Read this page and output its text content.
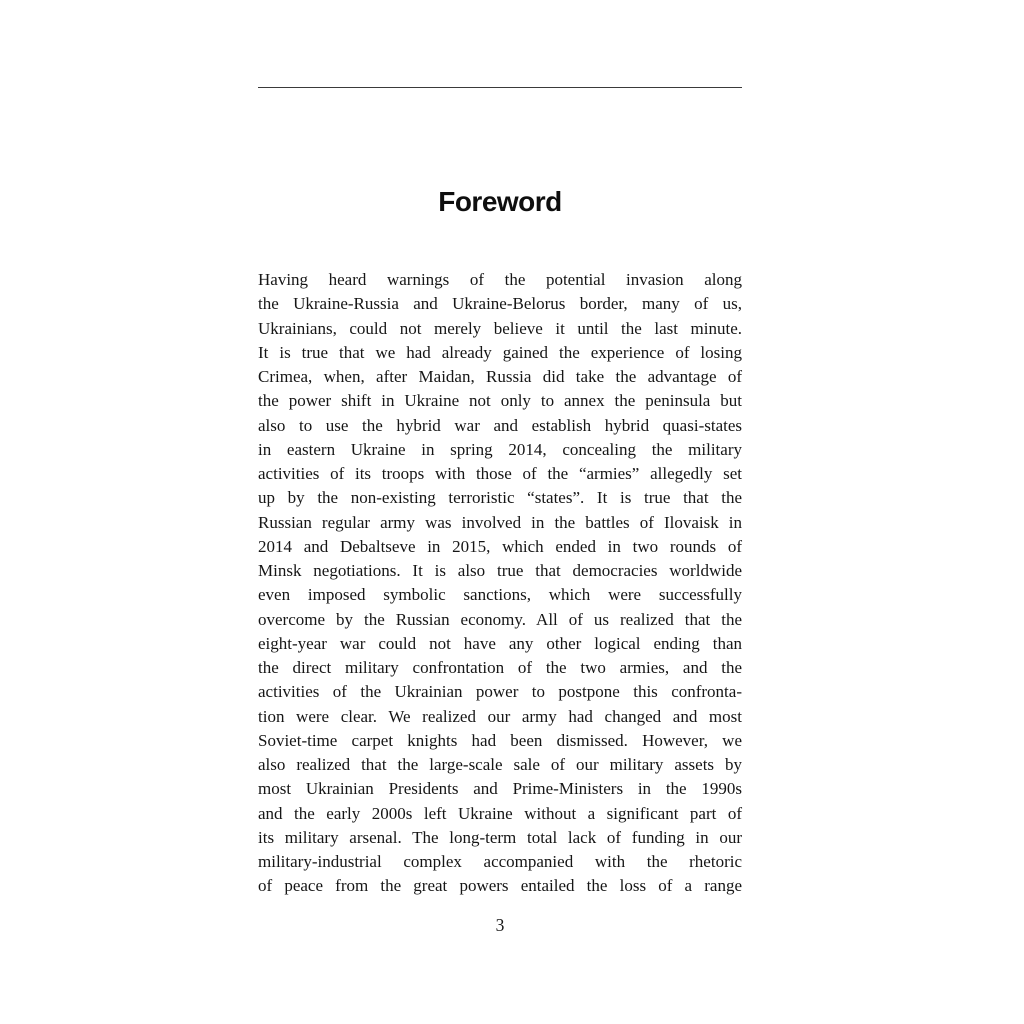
Foreword
Having heard warnings of the potential invasion along
the Ukraine-Russia and Ukraine-Belorus border, many of us,
Ukrainians, could not merely believe it until the last minute.
It is true that we had already gained the experience of losing
Crimea, when, after Maidan, Russia did take the advantage of
the power shift in Ukraine not only to annex the peninsula but
also to use the hybrid war and establish hybrid quasi-states
in eastern Ukraine in spring 2014, concealing the military
activities of its troops with those of the “armies” allegedly set
up by the non-existing terroristic “states”. It is true that the
Russian regular army was involved in the battles of Ilovaisk in
2014 and Debaltseve in 2015, which ended in two rounds of
Minsk negotiations. It is also true that democracies worldwide
even imposed symbolic sanctions, which were successfully
overcome by the Russian economy. All of us realized that the
eight-year war could not have any other logical ending than
the direct military confrontation of the two armies, and the
activities of the Ukrainian power to postpone this confronta-
tion were clear. We realized our army had changed and most
Soviet-time carpet knights had been dismissed. However, we
also realized that the large-scale sale of our military assets by
most Ukrainian Presidents and Prime-Ministers in the 1990s
and the early 2000s left Ukraine without a significant part of
its military arsenal. The long-term total lack of funding in our
military-industrial complex accompanied with the rhetoric
of peace from the great powers entailed the loss of a range
3
